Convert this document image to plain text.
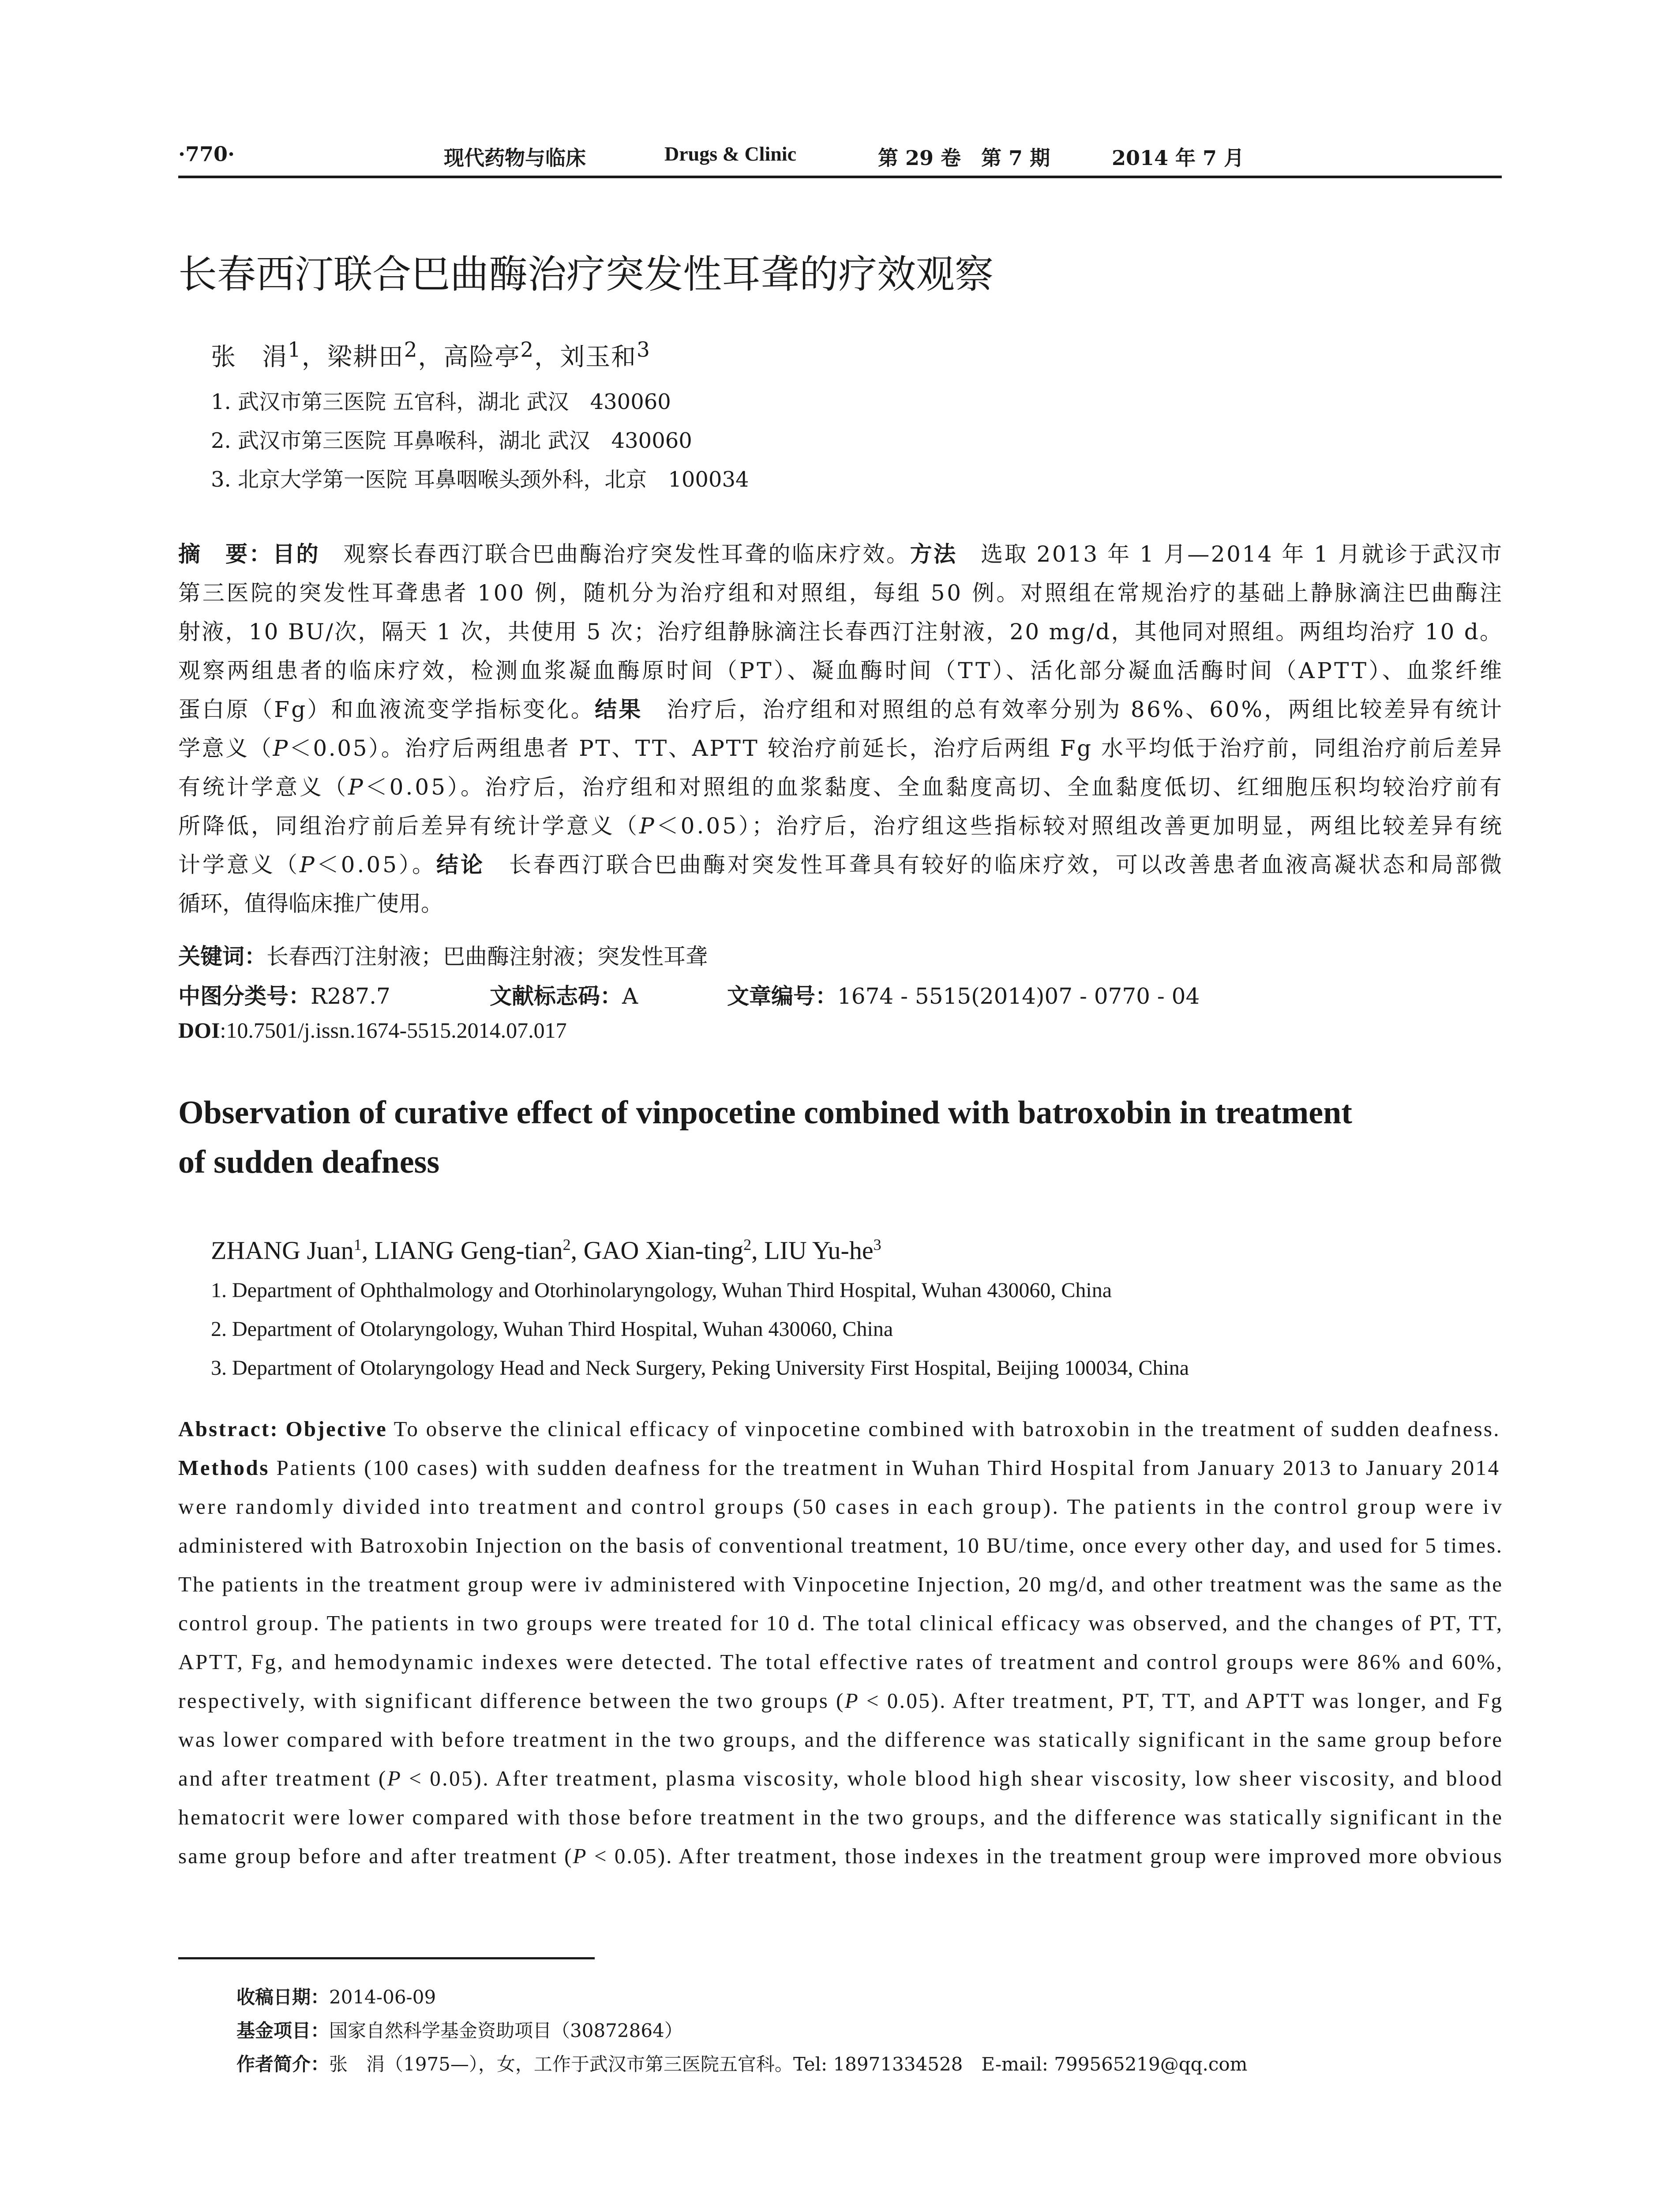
·770·	现代药物与临床	Drugs & Clinic	第 29 卷　第 7 期	2014 年 7 月
长春西汀联合巴曲酶治疗突发性耳聋的疗效观察
张　涓$^1$，梁耕田$^2$，高险亭$^2$，刘玉和$^3$
1. 武汉市第三医院 五官科，湖北 武汉　430060
2. 武汉市第三医院 耳鼻喉科，湖北 武汉　430060
3. 北京大学第一医院 耳鼻咽喉头颈外科，北京　100034
摘　要：目的　观察长春西汀联合巴曲酶治疗突发性耳聋的临床疗效。方法　选取 2013 年 1 月—2014 年 1 月就诊于武汉市
第三医院的突发性耳聋患者 100 例，随机分为治疗组和对照组，每组 50 例。对照组在常规治疗的基础上静脉滴注巴曲酶注
射液，10 BU/次，隔天 1 次，共使用 5 次；治疗组静脉滴注长春西汀注射液，20 mg/d，其他同对照组。两组均治疗 10 d。
观察两组患者的临床疗效，检测血浆凝血酶原时间（PT）、凝血酶时间（TT）、活化部分凝血活酶时间（APTT）、血浆纤维
蛋白原（Fg）和血液流变学指标变化。结果　治疗后，治疗组和对照组的总有效率分别为 86%、60%，两组比较差异有统计
学意义（P＜0.05）。治疗后两组患者 PT、TT、APTT 较治疗前延长，治疗后两组 Fg 水平均低于治疗前，同组治疗前后差异
有统计学意义（P＜0.05）。治疗后，治疗组和对照组的血浆黏度、全血黏度高切、全血黏度低切、红细胞压积均较治疗前有
所降低，同组治疗前后差异有统计学意义（P＜0.05）；治疗后，治疗组这些指标较对照组改善更加明显，两组比较差异有统
计学意义（P＜0.05）。结论　长春西汀联合巴曲酶对突发性耳聋具有较好的临床疗效，可以改善患者血液高凝状态和局部微
循环，值得临床推广使用。
关键词：长春西汀注射液；巴曲酶注射液；突发性耳聋
中图分类号：R287.7	文献标志码：A	文章编号：1674 - 5515(2014)07 - 0770 - 04
DOI:10.7501/j.issn.1674-5515.2014.07.017
Observation of curative effect of vinpocetine combined with batroxobin in treatment
of sudden deafness
ZHANG Juan$^1$, LIANG Geng-tian$^2$, GAO Xian-ting$^2$, LIU $Yu-he^3$
1. Department of Ophthalmology and Otorhinolaryngology, Wuhan Third Hospital, Wuhan 430060, China
2. Department of Otolaryngology, Wuhan Third Hospital, Wuhan 430060, China
3. Department of Otolaryngology Head and Neck Surgery, Peking University First Hospital, Beijing 100034, China
Abstract: Objective To observe the clinical efficacy of vinpocetine combined with batroxobin in the treatment of sudden deafness.
Methods Patients (100 cases) with sudden deafness for the treatment in Wuhan Third Hospital from January 2013 to January 2014
were randomly divided into treatment and control groups (50 cases in each group). The patients in the control group were iv
administered with Batroxobin Injection on the basis of conventional treatment, 10 BU/time, once every other day, and used for 5 times.
The patients in the treatment group were iv administered with Vinpocetine Injection, 20 mg/d, and other treatment was the same as the
control group. The patients in two groups were treated for 10 d. The total clinical efficacy was observed, and the changes of PT, TT,
APTT, Fg, and hemodynamic indexes were detected. The total effective rates of treatment and control groups were 86% and 60%,
respectively, with significant difference between the two groups (P < 0.05). After treatment, PT, TT, and APTT was longer, and Fg
was lower compared with before treatment in the two groups, and the difference was statically significant in the same group before
and after treatment (P < 0.05). After treatment, plasma viscosity, whole blood high shear viscosity, low sheer viscosity, and blood
hematocrit were lower compared with those before treatment in the two groups, and the difference was statically significant in the
same group before and after treatment (P < 0.05). After treatment, those indexes in the treatment group were improved more obvious
收稿日期：2014-06-09
基金项目：国家自然科学基金资助项目（30872864）
作者简介：张　涓（1975—），女，工作于武汉市第三医院五官科。Tel: 18971334528　E-mail: 799565219@qq.com
